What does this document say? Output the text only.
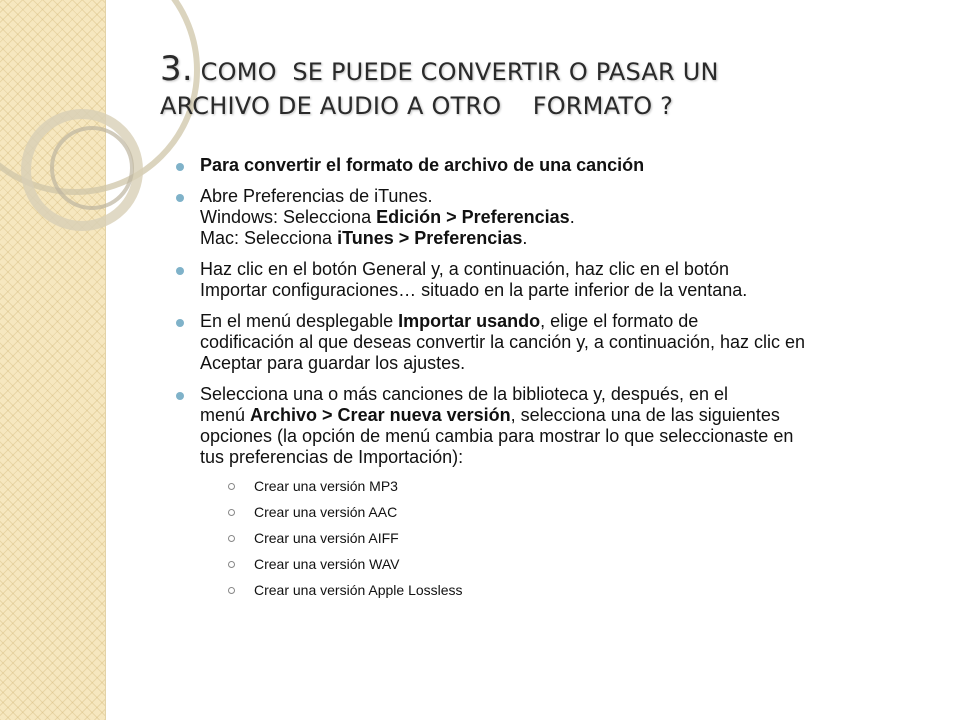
3. COMO  SE PUEDE CONVERTIR O PASAR UN
ARCHIVO DE AUDIO A OTRO    FORMATO ?
Para convertir el formato de archivo de una canción
Abre Preferencias de iTunes.
Windows: Selecciona Edición > Preferencias.
Mac: Selecciona iTunes > Preferencias.
Haz clic en el botón General y, a continuación, haz clic en el botón
Importar configuraciones… situado en la parte inferior de la ventana.
En el menú desplegable Importar usando, elige el formato de
codificación al que deseas convertir la canción y, a continuación, haz clic en
Aceptar para guardar los ajustes.
Selecciona una o más canciones de la biblioteca y, después, en el
menú Archivo > Crear nueva versión, selecciona una de las siguientes
opciones (la opción de menú cambia para mostrar lo que seleccionaste en
tus preferencias de Importación):
Crear una versión MP3
Crear una versión AAC
Crear una versión AIFF
Crear una versión WAV
Crear una versión Apple Lossless
